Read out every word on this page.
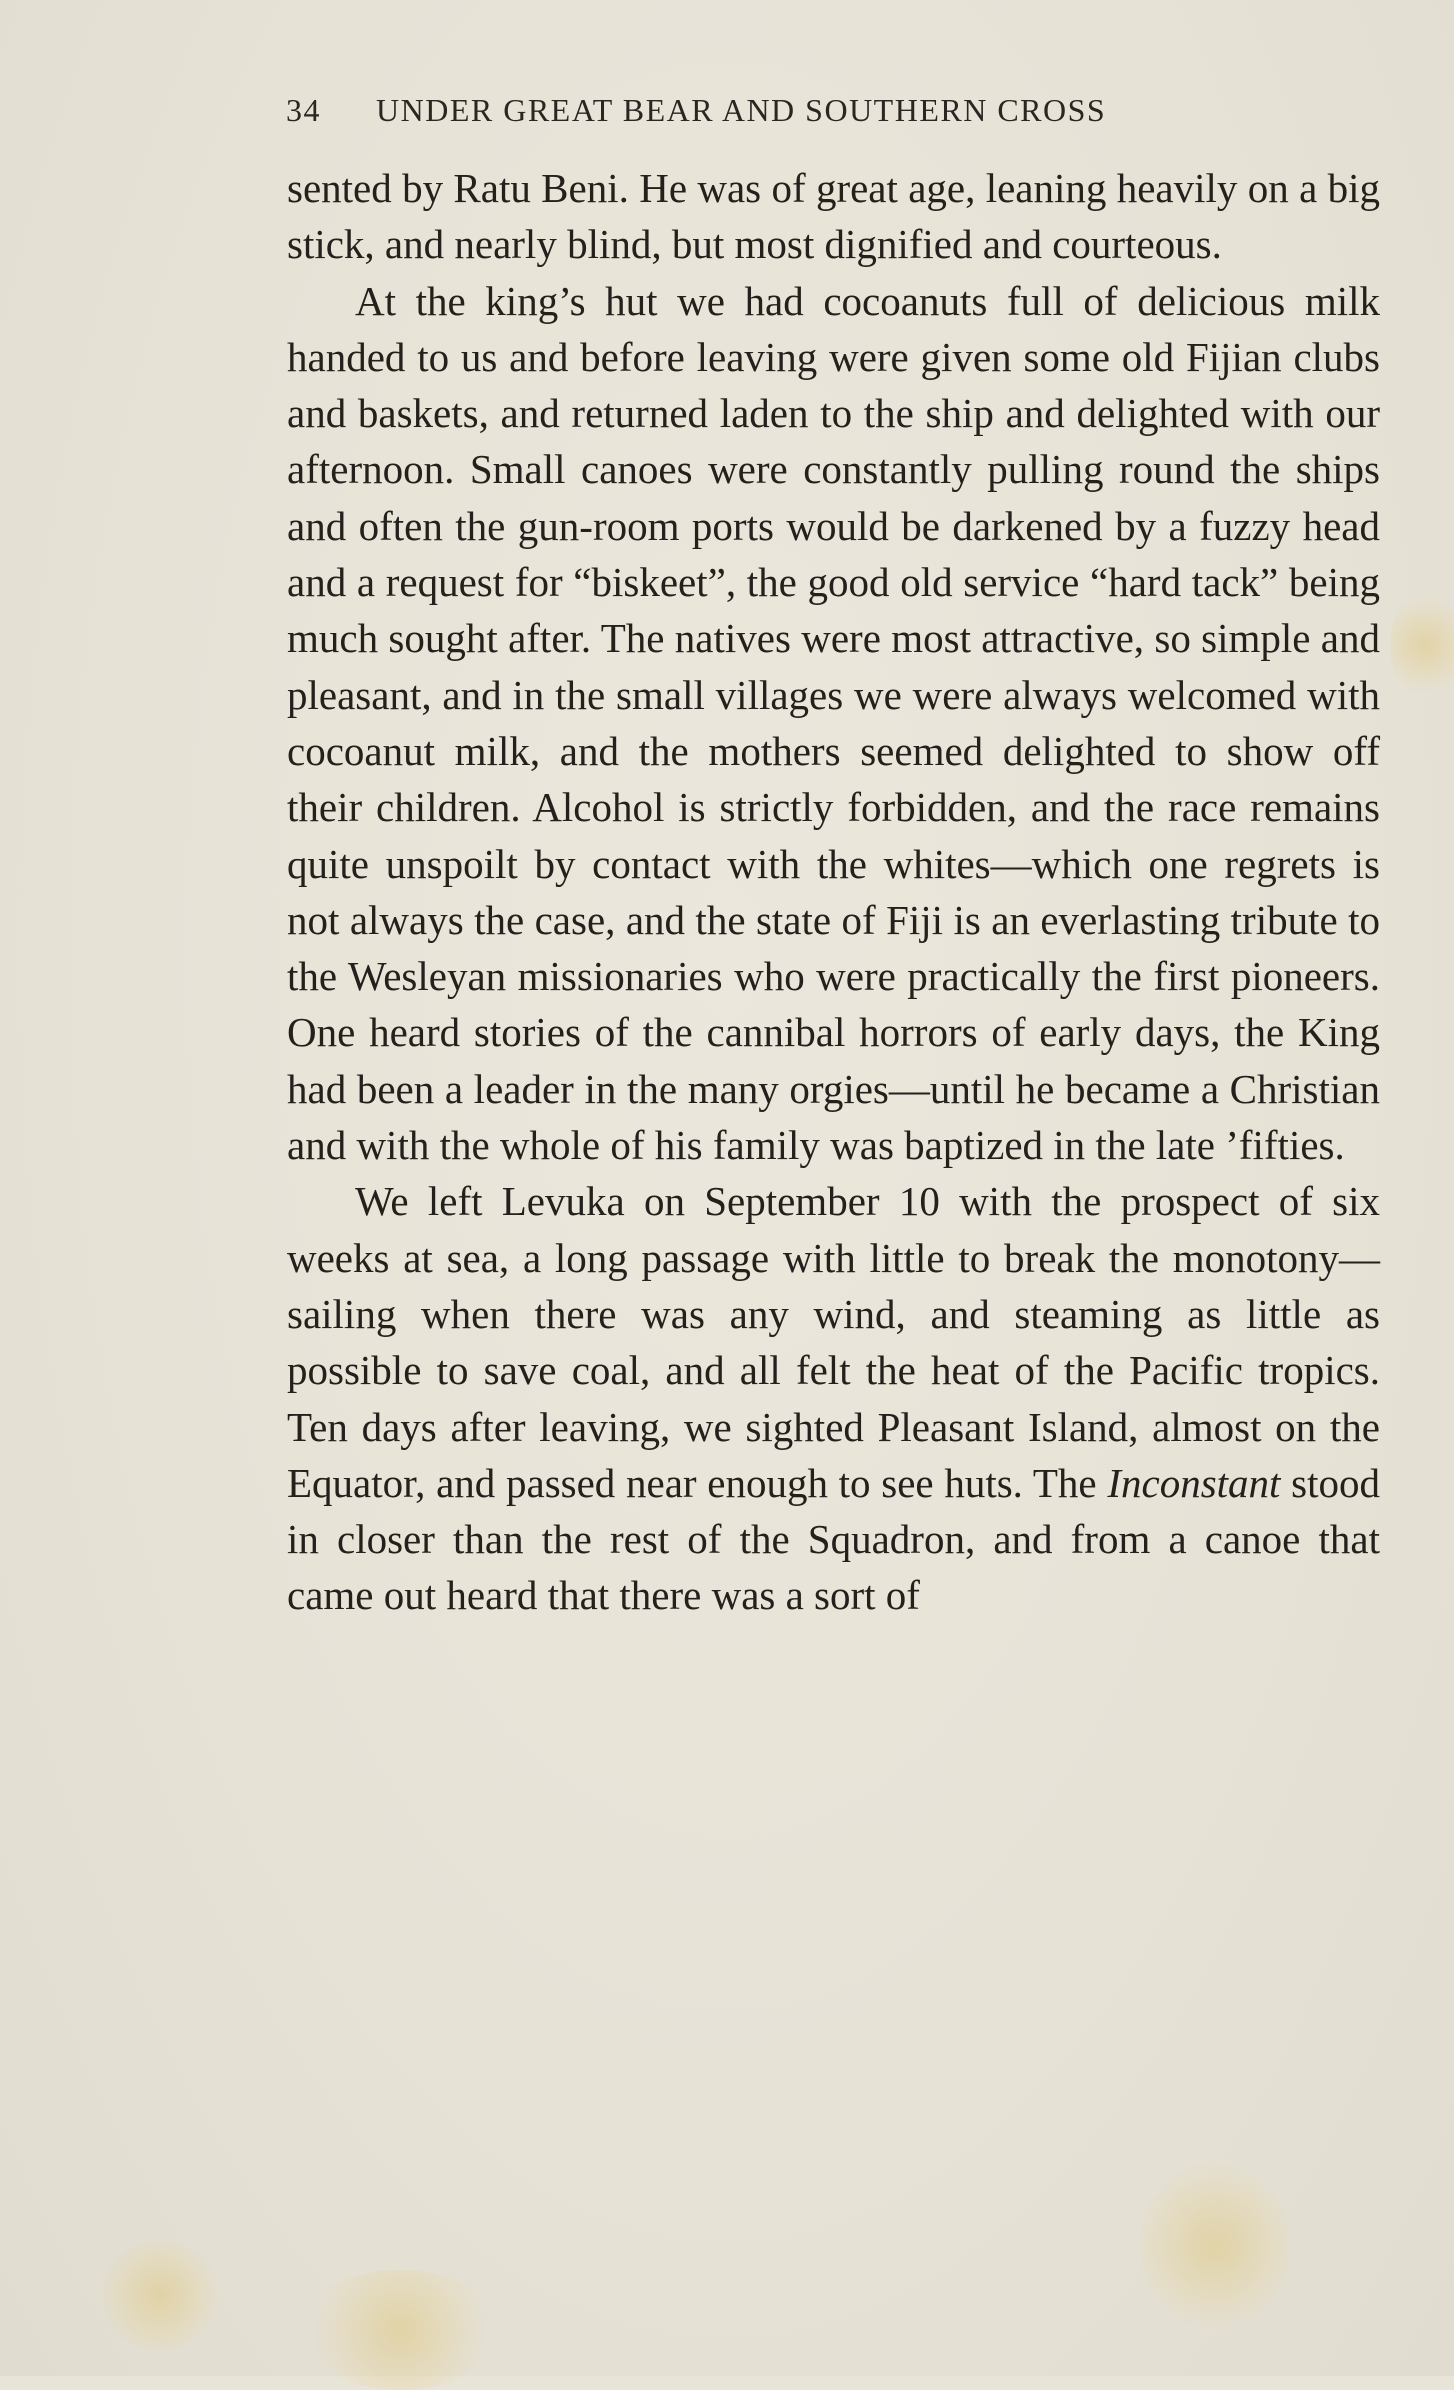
34 UNDER GREAT BEAR AND SOUTHERN CROSS

sented by Ratu Beni. He was of great age, leaning heavily on a big stick, and nearly blind, but most dignified and courteous.

At the king’s hut we had cocoanuts full of delicious milk handed to us and before leaving were given some old Fijian clubs and baskets, and returned laden to the ship and delighted with our afternoon. Small canoes were constantly pulling round the ships and often the gun-room ports would be darkened by a fuzzy head and a request for “biskeet”, the good old service “hard tack” being much sought after. The natives were most attractive, so simple and pleasant, and in the small villages we were always welcomed with cocoanut milk, and the mothers seemed delighted to show off their children. Alcohol is strictly forbidden, and the race remains quite unspoilt by contact with the whites—which one regrets is not always the case, and the state of Fiji is an everlasting tribute to the Wesleyan missionaries who were practically the first pioneers. One heard stories of the cannibal horrors of early days, the King had been a leader in the many orgies—until he became a Christian and with the whole of his family was baptized in the late ’fifties.

We left Levuka on September 10 with the prospect of six weeks at sea, a long passage with little to break the monotony—sailing when there was any wind, and steaming as little as possible to save coal, and all felt the heat of the Pacific tropics. Ten days after leaving, we sighted Pleasant Island, almost on the Equator, and passed near enough to see huts. The Inconstant stood in closer than the rest of the Squadron, and from a canoe that came out heard that there was a sort of
